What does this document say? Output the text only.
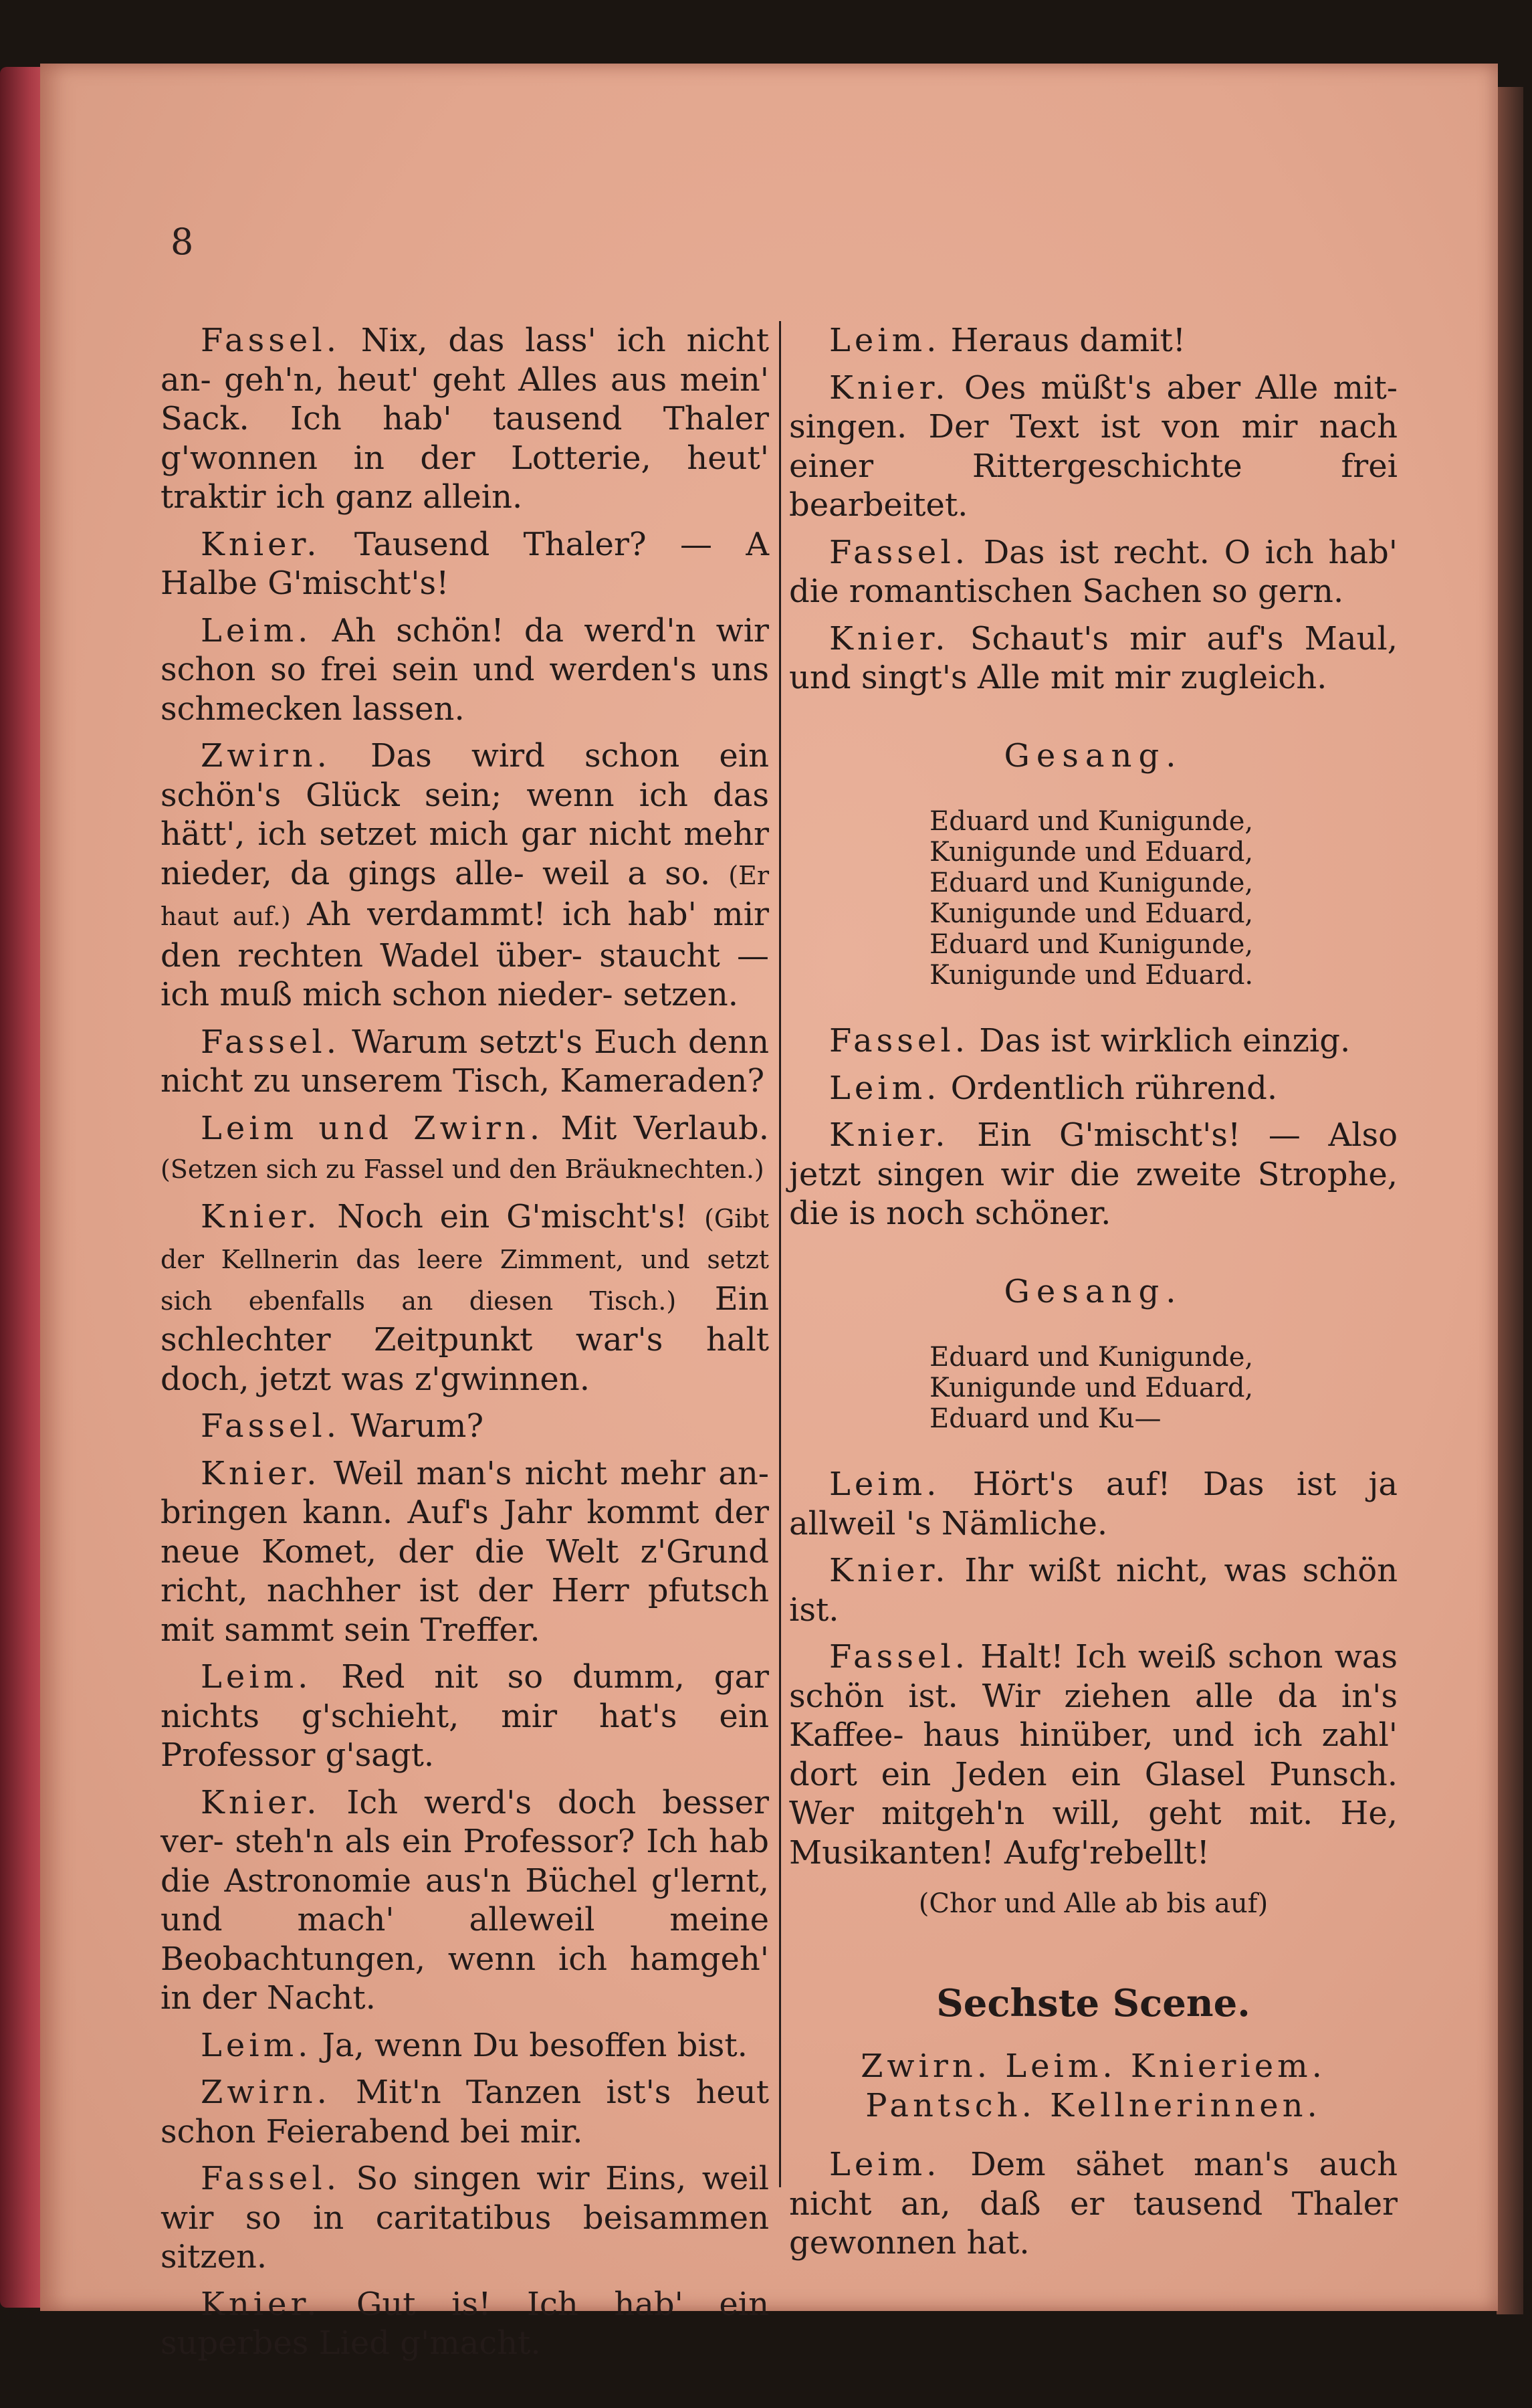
8

Fassel. Nix, das lass' ich nicht an- geh'n, heut' geht Alles aus mein' Sack. Ich hab' tausend Thaler g'wonnen in der Lotterie, heut' traktir ich ganz allein.

Knier. Tausend Thaler? — A Halbe G'mischt's!

Leim. Ah schön! da werd'n wir schon so frei sein und werden's uns schmecken lassen.

Zwirn. Das wird schon ein schön's Glück sein; wenn ich das hätt', ich setzet mich gar nicht mehr nieder, da gings alle- weil a so. (Er haut auf.) Ah verdammt! ich hab' mir den rechten Wadel über- staucht — ich muß mich schon nieder- setzen.

Fassel. Warum setzt's Euch denn nicht zu unserem Tisch, Kameraden?

Leim und Zwirn. Mit Verlaub. (Setzen sich zu Fassel und den Bräuknechten.)

Knier. Noch ein G'mischt's! (Gibt der Kellnerin das leere Zimment, und setzt sich ebenfalls an diesen Tisch.) Ein schlechter Zeitpunkt war's halt doch, jetzt was z'gwinnen.

Fassel. Warum?

Knier. Weil man's nicht mehr an- bringen kann. Auf's Jahr kommt der neue Komet, der die Welt z'Grund richt, nachher ist der Herr pfutsch mit sammt sein Treffer.

Leim. Red nit so dumm, gar nichts g'schieht, mir hat's ein Professor g'sagt.

Knier. Ich werd's doch besser ver- steh'n als ein Professor? Ich hab die Astronomie aus'n Büchel g'lernt, und mach' alleweil meine Beobachtungen, wenn ich hamgeh' in der Nacht.

Leim. Ja, wenn Du besoffen bist.

Zwirn. Mit'n Tanzen ist's heut schon Feierabend bei mir.

Fassel. So singen wir Eins, weil wir so in caritatibus beisammen sitzen.

Knier. Gut is! Ich hab' ein superbes Lied g'macht.

Leim. Heraus damit!

Knier. Oes müßt's aber Alle mit- singen. Der Text ist von mir nach einer Rittergeschichte frei bearbeitet.

Fassel. Das ist recht. O ich hab' die romantischen Sachen so gern.

Knier. Schaut's mir auf's Maul, und singt's Alle mit mir zugleich.

Gesang.
Eduard und Kunigunde,
Kunigunde und Eduard,
Eduard und Kunigunde,
Kunigunde und Eduard,
Eduard und Kunigunde,
Kunigunde und Eduard.

Fassel. Das ist wirklich einzig.

Leim. Ordentlich rührend.

Knier. Ein G'mischt's! — Also jetzt singen wir die zweite Strophe, die is noch schöner.

Gesang.
Eduard und Kunigunde,
Kunigunde und Eduard,
Eduard und Ku—

Leim. Hört's auf! Das ist ja allweil 's Nämliche.

Knier. Ihr wißt nicht, was schön ist.

Fassel. Halt! Ich weiß schon was schön ist. Wir ziehen alle da in's Kaffee- haus hinüber, und ich zahl' dort ein Jeden ein Glasel Punsch. Wer mitgeh'n will, geht mit. He, Musikanten! Aufg'rebellt!

(Chor und Alle ab bis auf)
Sechste Scene.
Zwirn. Leim. Knieriem. Pantsch. Kellnerinnen.

Leim. Dem sähet man's auch nicht an, daß er tausend Thaler gewonnen hat.
